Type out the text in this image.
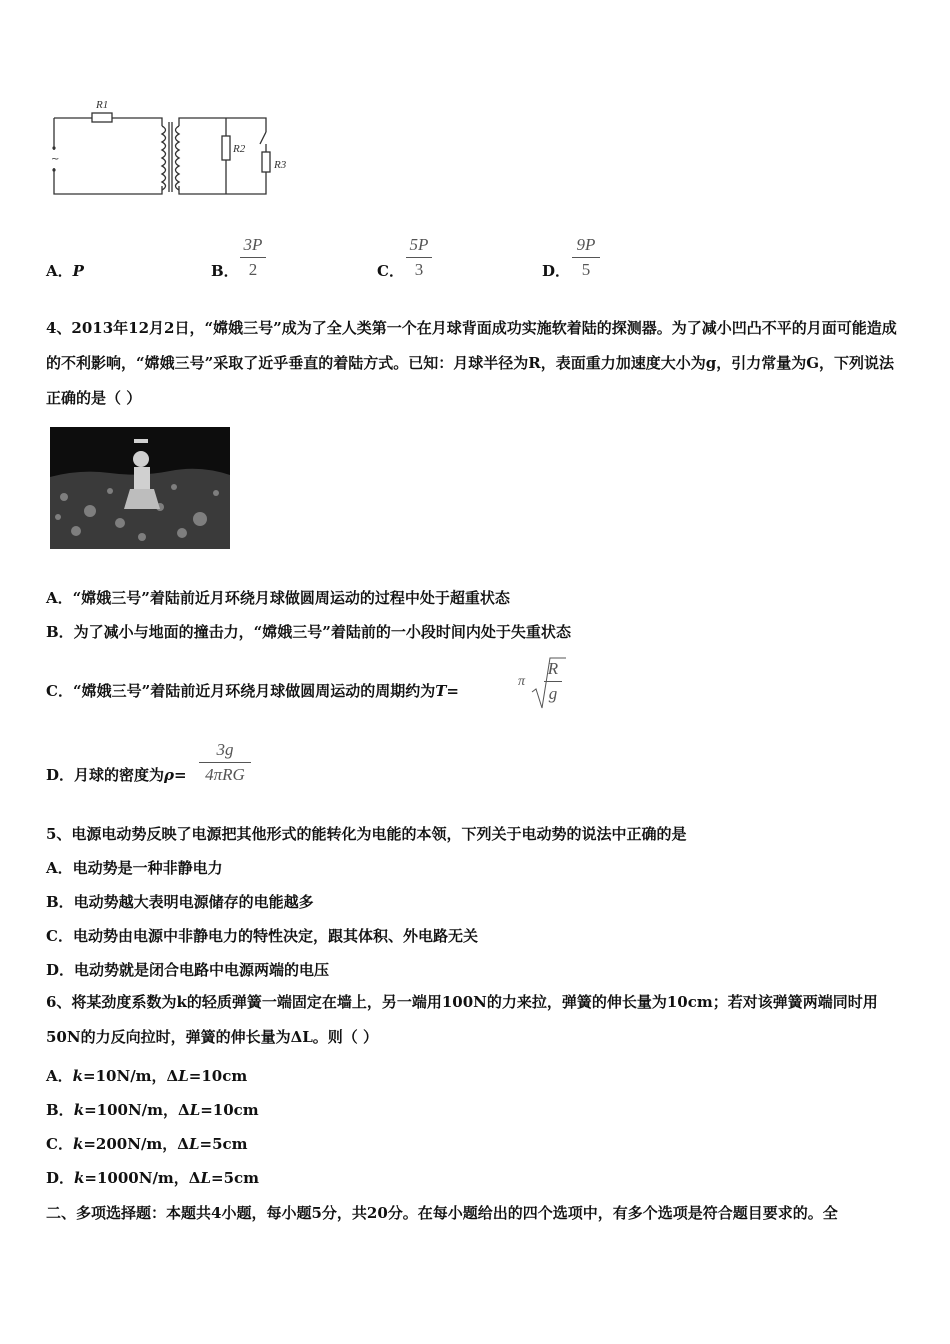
~
R1
R2
R3
A．P	B．
3P
2	C．
5P
3	D．
9P
5
4、2013年12月2日，“嫦娥三号”成为了全人类第一个在月球背面成功实施软着陆的探测器。为了减小凹凸不平的月面可能造成的不利影响，“嫦娥三号”采取了近乎垂直的着陆方式。已知：月球半径为R，表面重力加速度大小为g，引力常量为G，下列说法正确的是（ ）
A．“嫦娥三号”着陆前近月环绕月球做圆周运动的过程中处于超重状态
B．为了减小与地面的撞击力，“嫦娥三号”着陆前的一小段时间内处于失重状态
C．“嫦娥三号”着陆前近月环绕月球做圆周运动的周期约为T=
π
R
g
D．月球的密度为ρ=
3g
4πRG
5、电源电动势反映了电源把其他形式的能转化为电能的本领，下列关于电动势的说法中正确的是
A．电动势是一种非静电力
B．电动势越大表明电源储存的电能越多
C．电动势由电源中非静电力的特性决定，跟其体积、外电路无关
D．电动势就是闭合电路中电源两端的电压
6、将某劲度系数为k的轻质弹簧一端固定在墙上，另一端用100N的力来拉，弹簧的伸长量为10cm；若对该弹簧两端同时用50N的力反向拉时，弹簧的伸长量为ΔL。则（ ）
A．k=10N/m，ΔL=10cm
B．k=100N/m，ΔL=10cm
C．k=200N/m，ΔL=5cm
D．k=1000N/m，ΔL=5cm
二、多项选择题：本题共4小题，每小题5分，共20分。在每小题给出的四个选项中，有多个选项是符合题目要求的。全
